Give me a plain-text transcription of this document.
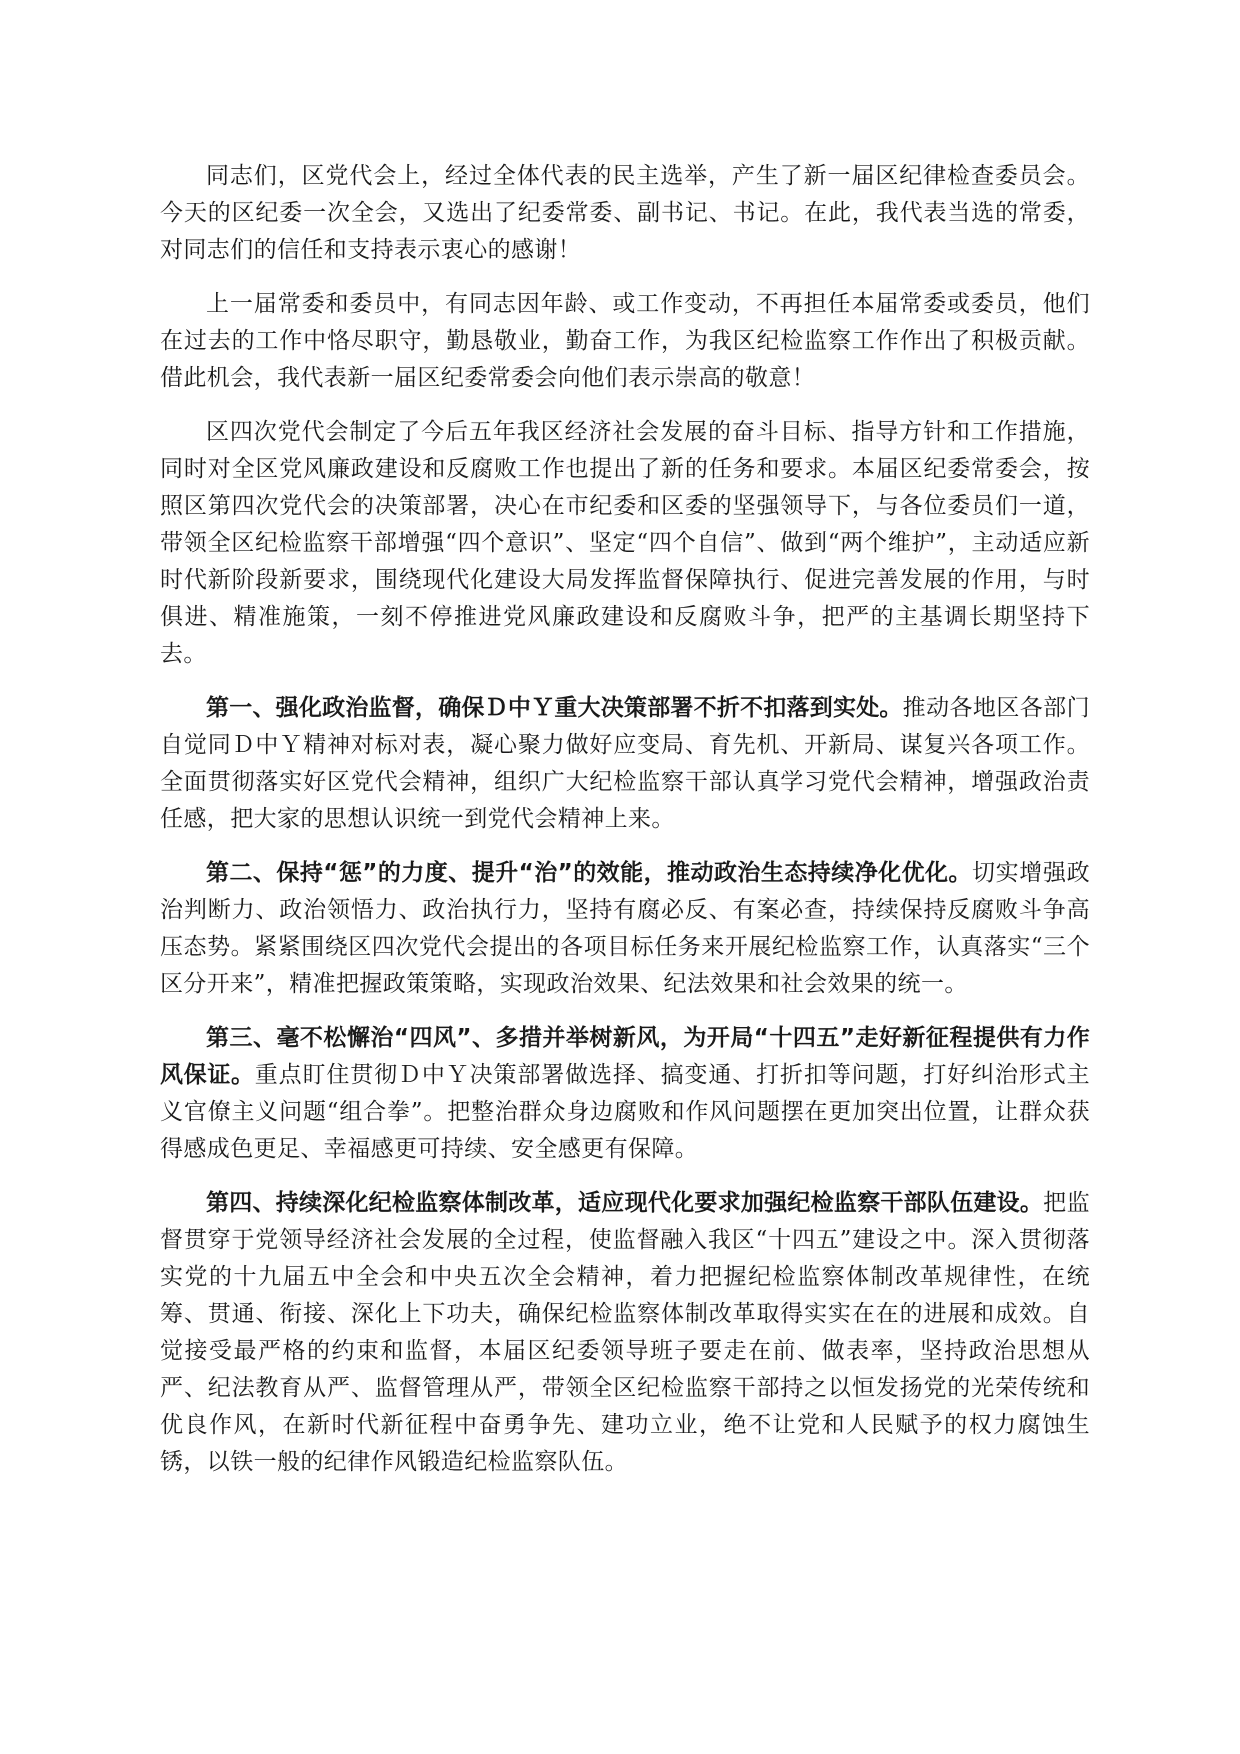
同志们，区党代会上，经过全体代表的民主选举，产生了新一届区纪律检查委员会。今天的区纪委一次全会，又选出了纪委常委、副书记、书记。在此，我代表当选的常委，对同志们的信任和支持表示衷心的感谢！

上一届常委和委员中，有同志因年龄、或工作变动，不再担任本届常委或委员，他们在过去的工作中恪尽职守，勤恳敬业，勤奋工作，为我区纪检监察工作作出了积极贡献。借此机会，我代表新一届区纪委常委会向他们表示崇高的敬意！

区四次党代会制定了今后五年我区经济社会发展的奋斗目标、指导方针和工作措施，同时对全区党风廉政建设和反腐败工作也提出了新的任务和要求。本届区纪委常委会，按照区第四次党代会的决策部署，决心在市纪委和区委的坚强领导下，与各位委员们一道，带领全区纪检监察干部增强“四个意识”、坚定“四个自信”、做到“两个维护”，主动适应新时代新阶段新要求，围绕现代化建设大局发挥监督保障执行、促进完善发展的作用，与时俱进、精准施策，一刻不停推进党风廉政建设和反腐败斗争，把严的主基调长期坚持下去。

第一、强化政治监督，确保Ｄ中Ｙ重大决策部署不折不扣落到实处。推动各地区各部门自觉同Ｄ中Ｙ精神对标对表，凝心聚力做好应变局、育先机、开新局、谋复兴各项工作。全面贯彻落实好区党代会精神，组织广大纪检监察干部认真学习党代会精神，增强政治责任感，把大家的思想认识统一到党代会精神上来。

第二、保持“惩”的力度、提升“治”的效能，推动政治生态持续净化优化。切实增强政治判断力、政治领悟力、政治执行力，坚持有腐必反、有案必查，持续保持反腐败斗争高压态势。紧紧围绕区四次党代会提出的各项目标任务来开展纪检监察工作，认真落实“三个区分开来”，精准把握政策策略，实现政治效果、纪法效果和社会效果的统一。

第三、毫不松懈治“四风”、多措并举树新风，为开局“十四五”走好新征程提供有力作风保证。重点盯住贯彻Ｄ中Ｙ决策部署做选择、搞变通、打折扣等问题，打好纠治形式主义官僚主义问题“组合拳”。把整治群众身边腐败和作风问题摆在更加突出位置，让群众获得感成色更足、幸福感更可持续、安全感更有保障。

第四、持续深化纪检监察体制改革，适应现代化要求加强纪检监察干部队伍建设。把监督贯穿于党领导经济社会发展的全过程，使监督融入我区“十四五”建设之中。深入贯彻落实党的十九届五中全会和中央五次全会精神，着力把握纪检监察体制改革规律性，在统筹、贯通、衔接、深化上下功夫，确保纪检监察体制改革取得实实在在的进展和成效。自觉接受最严格的约束和监督，本届区纪委领导班子要走在前、做表率，坚持政治思想从严、纪法教育从严、监督管理从严，带领全区纪检监察干部持之以恒发扬党的光荣传统和优良作风，在新时代新征程中奋勇争先、建功立业，绝不让党和人民赋予的权力腐蚀生锈，以铁一般的纪律作风锻造纪检监察队伍。
